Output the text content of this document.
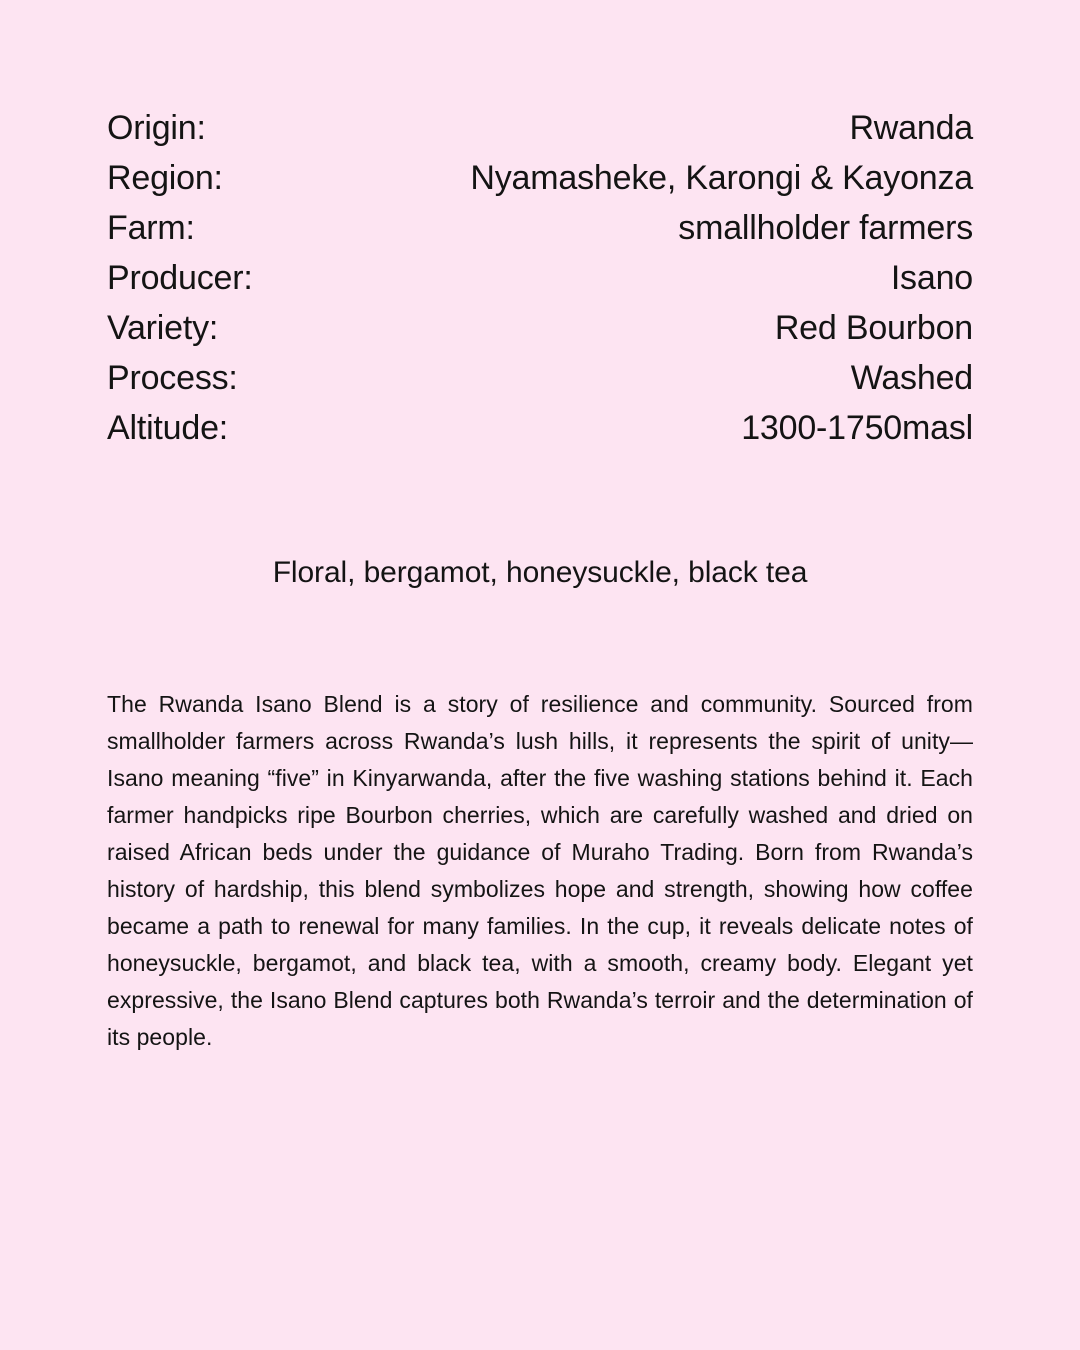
Origin:	Rwanda
Region:	Nyamasheke, Karongi & Kayonza
Farm:	smallholder farmers
Producer:	Isano
Variety:	Red Bourbon
Process:	Washed
Altitude:	1300-1750masl
Floral, bergamot, honeysuckle, black tea

The Rwanda Isano Blend is a story of resilience and community. Sourced from smallholder farmers across Rwanda’s lush hills, it represents the spirit of unity—Isano meaning “five” in Kinyarwanda, after the five washing stations behind it. Each farmer handpicks ripe Bourbon cherries, which are carefully washed and dried on raised African beds under the guidance of Muraho Trading. Born from Rwanda’s history of hardship, this blend symbolizes hope and strength, showing how coffee became a path to renewal for many families. In the cup, it reveals delicate notes of honeysuckle, bergamot, and black tea, with a smooth, creamy body. Elegant yet expressive, the Isano Blend captures both Rwanda’s terroir and the determination of its people.
